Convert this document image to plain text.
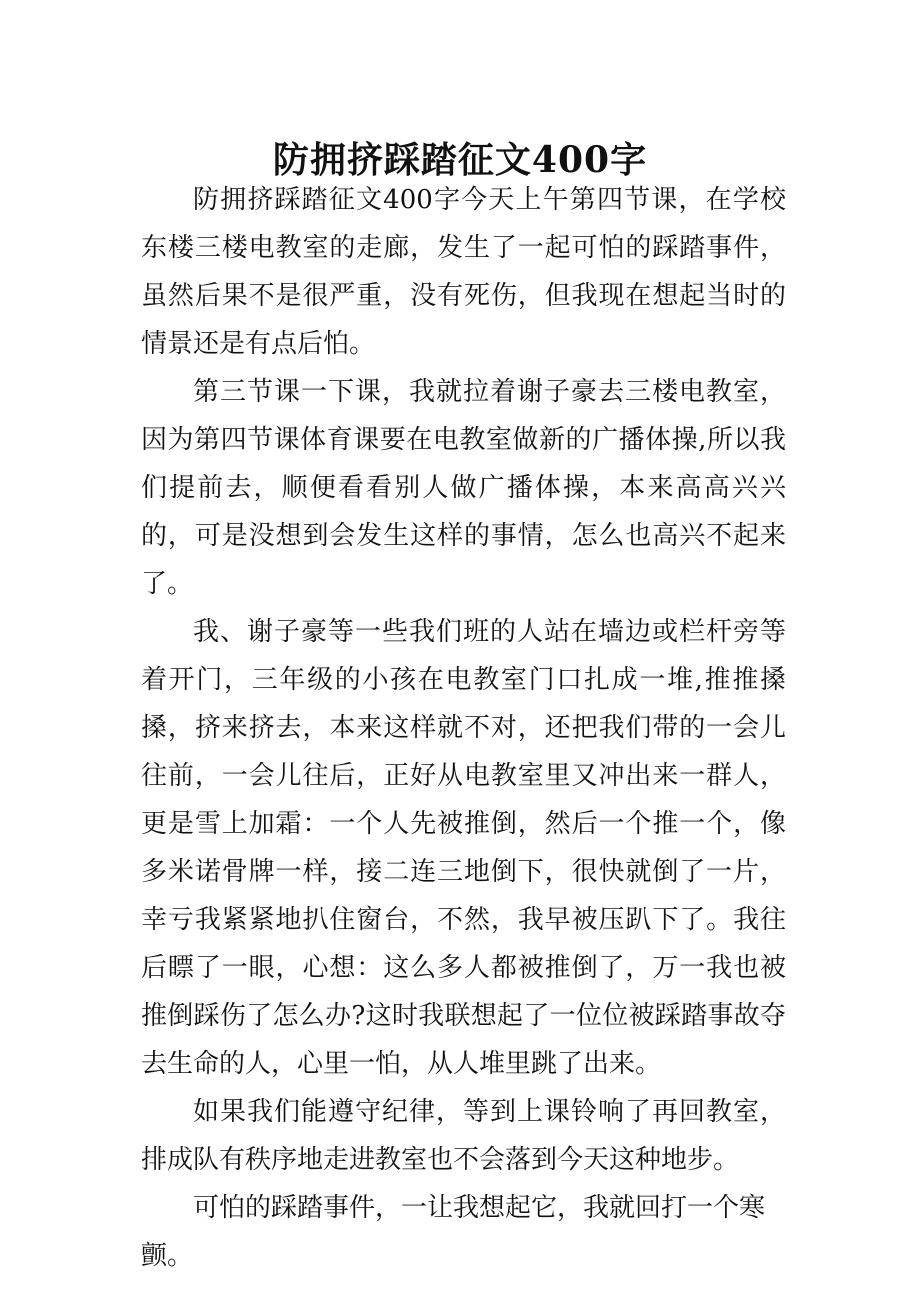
防拥挤踩踏征文400字

防拥挤踩踏征文400字今天上午第四节课，在学校东楼三楼电教室的走廊，发生了一起可怕的踩踏事件，虽然后果不是很严重，没有死伤，但我现在想起当时的情景还是有点后怕。

第三节课一下课，我就拉着谢子豪去三楼电教室，因为第四节课体育课要在电教室做新的广播体操,所以我们提前去，顺便看看别人做广播体操，本来高高兴兴的，可是没想到会发生这样的事情，怎么也高兴不起来了。

我、谢子豪等一些我们班的人站在墙边或栏杆旁等着开门，三年级的小孩在电教室门口扎成一堆,推推搡搡，挤来挤去，本来这样就不对，还把我们带的一会儿往前，一会儿往后，正好从电教室里又冲出来一群人，更是雪上加霜：一个人先被推倒，然后一个推一个，像多米诺骨牌一样，接二连三地倒下，很快就倒了一片，幸亏我紧紧地扒住窗台，不然，我早被压趴下了。我往后瞟了一眼，心想：这么多人都被推倒了，万一我也被推倒踩伤了怎么办?这时我联想起了一位位被踩踏事故夺去生命的人，心里一怕，从人堆里跳了出来。

如果我们能遵守纪律，等到上课铃响了再回教室，排成队有秩序地走进教室也不会落到今天这种地步。

可怕的踩踏事件，一让我想起它，我就回打一个寒颤。
